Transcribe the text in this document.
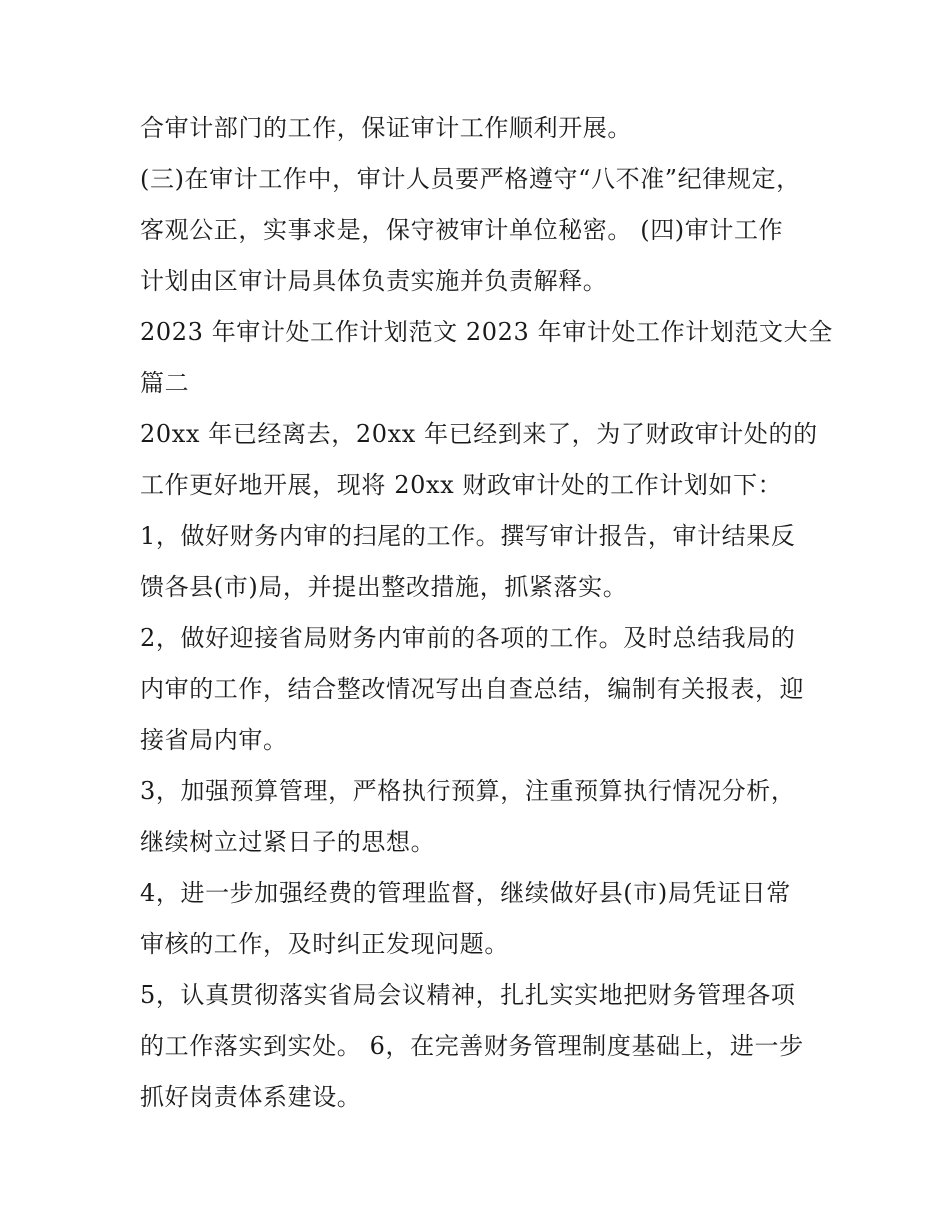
合审计部门的工作，保证审计工作顺利开展。
(三)在审计工作中，审计人员要严格遵守“八不准”纪律规定，
客观公正，实事求是，保守被审计单位秘密。 (四)审计工作
计划由区审计局具体负责实施并负责解释。
2023 年审计处工作计划范文 2023 年审计处工作计划范文大全
篇二
20xx 年已经离去，20xx 年已经到来了，为了财政审计处的的
工作更好地开展，现将 20xx 财政审计处的工作计划如下：
1，做好财务内审的扫尾的工作。撰写审计报告，审计结果反
馈各县(市)局，并提出整改措施，抓紧落实。
2，做好迎接省局财务内审前的各项的工作。及时总结我局的
内审的工作，结合整改情况写出自查总结，编制有关报表，迎
接省局内审。
3，加强预算管理，严格执行预算，注重预算执行情况分析，
继续树立过紧日子的思想。
4，进一步加强经费的管理监督，继续做好县(市)局凭证日常
审核的工作，及时纠正发现问题。
5，认真贯彻落实省局会议精神，扎扎实实地把财务管理各项
的工作落实到实处。 6，在完善财务管理制度基础上，进一步
抓好岗责体系建设。
